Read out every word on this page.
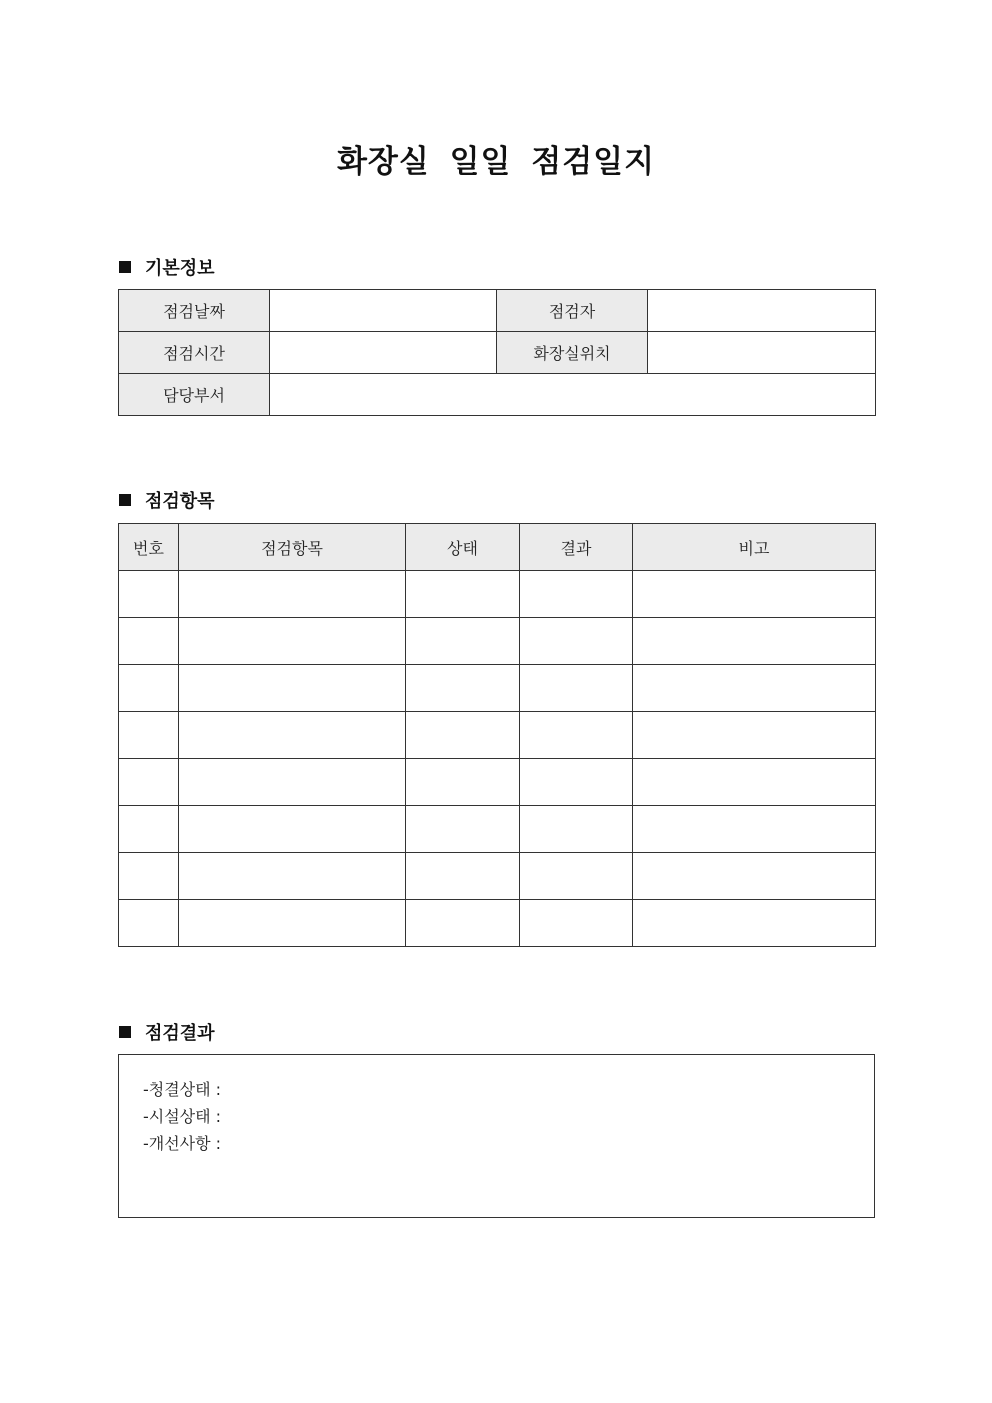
화장실 일일 점검일지
기본정보
점검날짜		점검자	
점검시간		화장실위치	
담당부서			
점검항목
번호	점검항목	상태	결과	비고

점검결과
-청결상태 :
-시설상태 :
-개선사항 :
